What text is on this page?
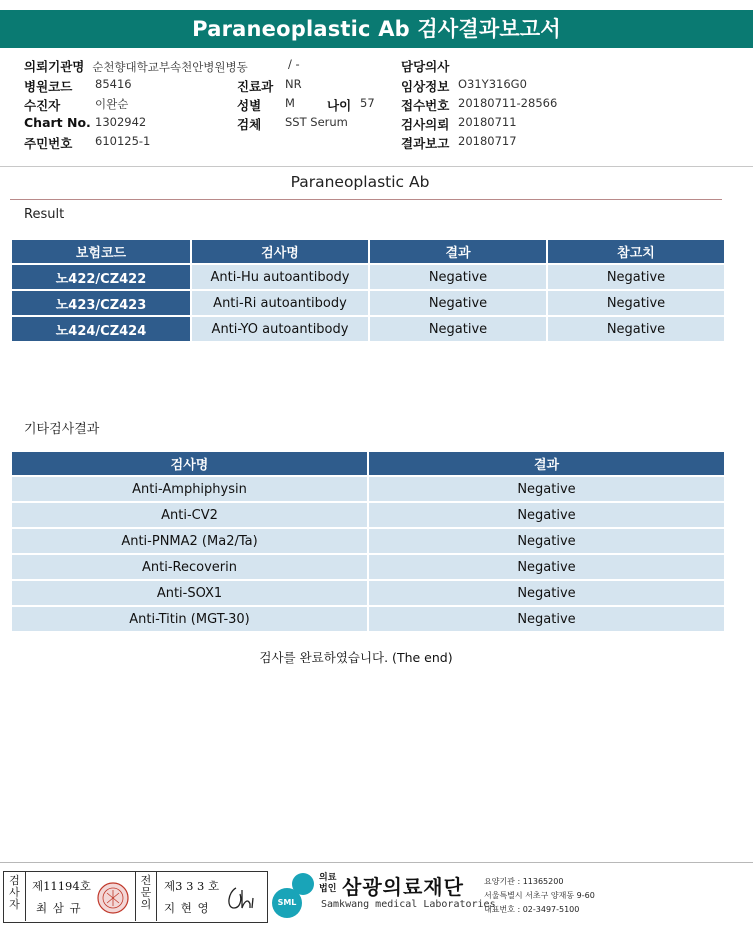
Paraneoplastic Ab 검사결과보고서
의뢰기관명 순천향대학교부속천안병원병동	/ -
병원코드 85416
수진자	이완순
Chart No. 1302942
주민번호 610125-1
진료과 NR
성별 M	나이 57
검체 SST Serum
담당의사
임상정보 O31Y316G0
접수번호 20180711-28566
검사의뢰 20180711
결과보고 20180717
Paraneoplastic Ab
Result
보험코드	검사명	결과	참고치
노422/CZ422	Anti-Hu autoantibody	Negative	Negative
노423/CZ423	Anti-Ri autoantibody	Negative	Negative
노424/CZ424	Anti-YO autoantibody	Negative	Negative
기타검사결과
검사명	결과
Anti-Amphiphysin	Negative
Anti-CV2	Negative
Anti-PNMA2 (Ma2/Ta)	Negative
Anti-Recoverin	Negative
Anti-SOX1	Negative
Anti-Titin (MGT-30)	Negative
검사를 완료하였습니다. (The end)
검사자
제11194호
최 삼 규
전문의
제3 3 3 호
지 현 영	SML
의료
법인 삼광의료재단
Samkwang medical Laboratories
요양기관 : 11365200
서울특별시 서초구 양재동 9-60
대표번호 : 02-3497-5100
